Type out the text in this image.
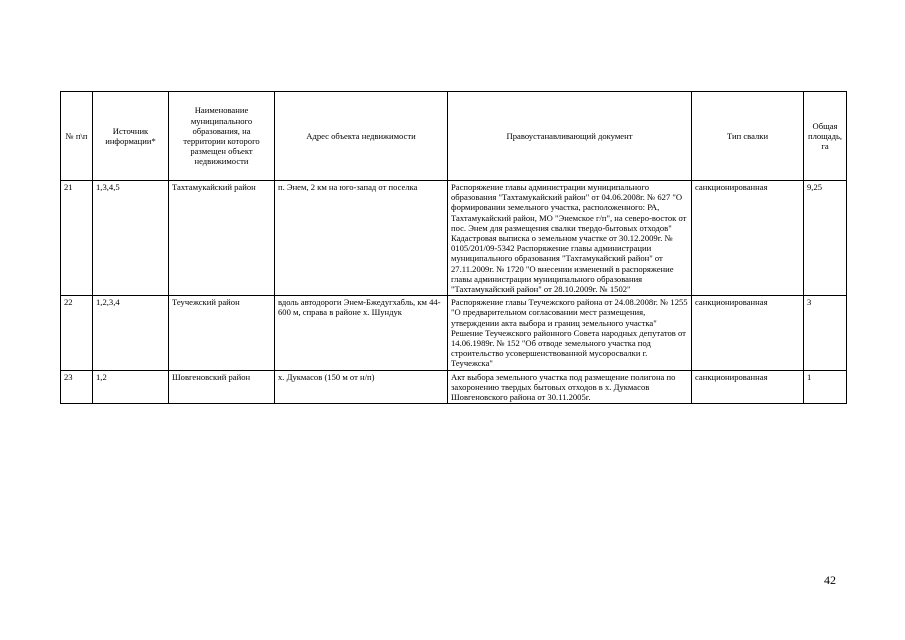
№ п\п	Источник информации*	Наименование муниципального образования, на территории которого размещен объект недвижимости	Адрес объекта недвижимости	Правоустанавливающий документ	Тип свалки	Общая площадь, га
21	1,3,4,5	Тахтамукайский район	п. Энем, 2 км на юго-запад от поселка	Распоряжение главы администрации муниципального образования "Тахтамукайский район" от 04.06.2008г. № 627 "О формировании земельного участка, расположенного: РА, Тахтамукайский район, МО "Энемское г/п", на северо-восток от пос. Энем для размещения свалки твердо-бытовых отходов" Кадастровая выписка о земельном участке от 30.12.2009г. № 0105/201/09-5342 Распоряжение главы администрации муниципального образования "Тахтамукайский район" от 27.11.2009г. № 1720 "О внесении изменений в распоряжение главы администрации муниципального образования "Тахтамукайский район" от 28.10.2009г. № 1502"	санкционированная	9,25
22	1,2,3,4	Теучежский район	вдоль автодороги Энем-Бжедугхабль, км 44-600 м, справа в районе х. Шундук	Распоряжение главы Теучежского района от 24.08.2008г. № 1255 "О предварительном согласовании мест размещения, утверждении акта выбора и границ земельного участка" Решение Теучежского районного Совета народных депутатов от 14.06.1989г. № 152 "Об отводе земельного участка под строительство усовершенствованной мусоросвалки г. Теучежска"	санкционированная	3
23	1,2	Шовгеновский район	х. Дукмасов (150 м от н/п)	Акт выбора земельного участка под размещение полигона по захоронению твердых бытовых отходов в х. Дукмасов Шовгеновского района от 30.11.2005г.	санкционированная	1
42
